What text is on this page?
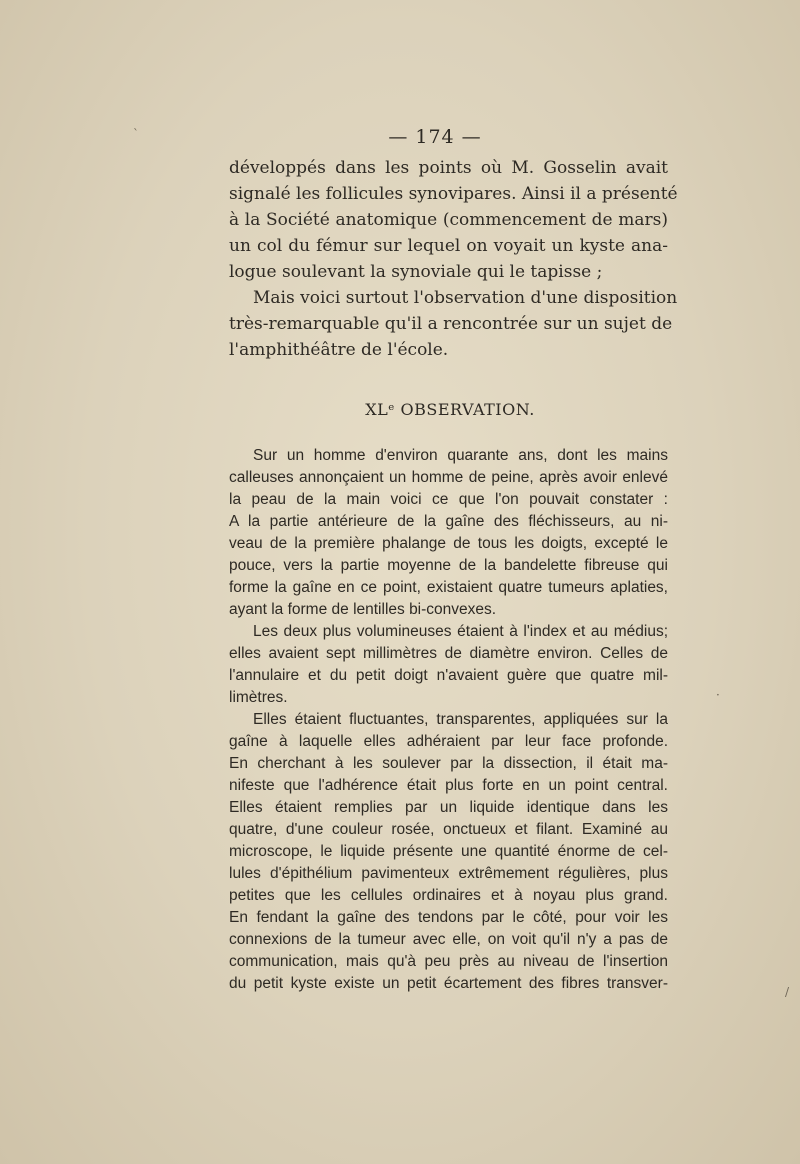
— 174 —
développés dans les points où M. Gosselin avait
signalé les follicules synovipares. Ainsi il a présenté
à la Société anatomique (commencement de mars)
un col du fémur sur lequel on voyait un kyste ana-
logue soulevant la synoviale qui le tapisse ;
Mais voici surtout l'observation d'une disposition
très-remarquable qu'il a rencontrée sur un sujet de
l'amphithéâtre de l'école.
XLᵉ OBSERVATION.
Sur un homme d'environ quarante ans, dont les mains
calleuses annonçaient un homme de peine, après avoir enlevé
la peau de la main voici ce que l'on pouvait constater :
A la partie antérieure de la gaîne des fléchisseurs, au ni-
veau de la première phalange de tous les doigts, excepté le
pouce, vers la partie moyenne de la bandelette fibreuse qui
forme la gaîne en ce point, existaient quatre tumeurs aplaties,
ayant la forme de lentilles bi-convexes.
Les deux plus volumineuses étaient à l'index et au médius;
elles avaient sept millimètres de diamètre environ. Celles de
l'annulaire et du petit doigt n'avaient guère que quatre mil-
limètres.
Elles étaient fluctuantes, transparentes, appliquées sur la
gaîne à laquelle elles adhéraient par leur face profonde.
En cherchant à les soulever par la dissection, il était ma-
nifeste que l'adhérence était plus forte en un point central.
Elles étaient remplies par un liquide identique dans les
quatre, d'une couleur rosée, onctueux et filant. Examiné au
microscope, le liquide présente une quantité énorme de cel-
lules d'épithélium pavimenteux extrêmement régulières, plus
petites que les cellules ordinaires et à noyau plus grand.
En fendant la gaîne des tendons par le côté, pour voir les
connexions de la tumeur avec elle, on voit qu'il n'y a pas de
communication, mais qu'à peu près au niveau de l'insertion
du petit kyste existe un petit écartement des fibres transver-
ˋ
·
/
